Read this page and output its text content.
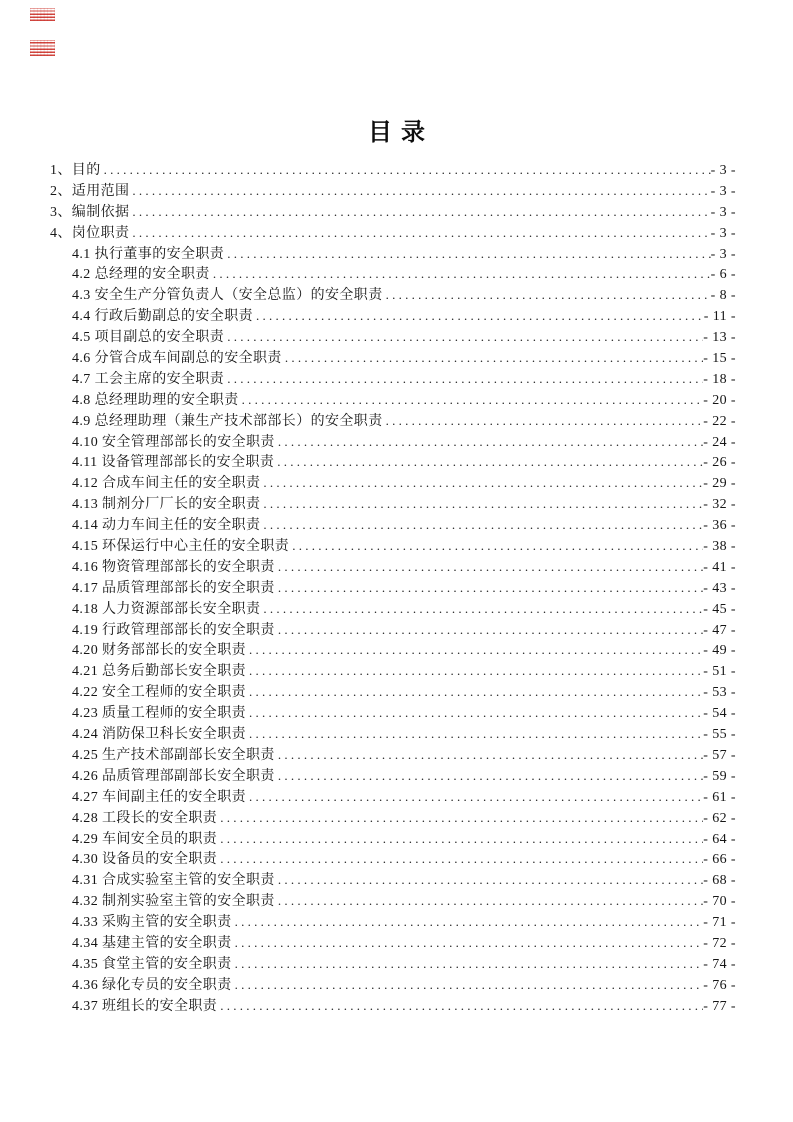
目录
1、目的 . . .	- 3 -
2、适用范围 . . .	- 3 -
3、编制依据 . . .	- 3 -
4、岗位职责 . . .	- 3 -
4.1 执行董事的安全职责 . . .	- 3 -
4.2 总经理的安全职责 . . .	- 6 -
4.3 安全生产分管负责人（安全总监）的安全职责 . . .	- 8 -
4.4 行政后勤副总的安全职责 . . .	- 11 -
4.5 项目副总的安全职责 . . .	- 13 -
4.6 分管合成车间副总的安全职责 . . .	- 15 -
4.7 工会主席的安全职责 . . .	- 18 -
4.8 总经理助理的安全职责 . . .	- 20 -
4.9 总经理助理（兼生产技术部部长）的安全职责 . . .	- 22 -
4.10 安全管理部部长的安全职责 . . .	- 24 -
4.11 设备管理部部长的安全职责 . . .	- 26 -
4.12 合成车间主任的安全职责 . . .	- 29 -
4.13 制剂分厂厂长的安全职责 . . .	- 32 -
4.14 动力车间主任的安全职责 . . .	- 36 -
4.15 环保运行中心主任的安全职责 . . .	- 38 -
4.16 物资管理部部长的安全职责 . . .	- 41 -
4.17 品质管理部部长的安全职责 . . .	- 43 -
4.18 人力资源部部长安全职责 . . .	- 45 -
4.19 行政管理部部长的安全职责 . . .	- 47 -
4.20 财务部部长的安全职责 . . .	- 49 -
4.21 总务后勤部长安全职责 . . .	- 51 -
4.22 安全工程师的安全职责 . . .	- 53 -
4.23 质量工程师的安全职责 . . .	- 54 -
4.24 消防保卫科长安全职责 . . .	- 55 -
4.25 生产技术部副部长安全职责 . . .	- 57 -
4.26 品质管理部副部长安全职责 . . .	- 59 -
4.27 车间副主任的安全职责 . . .	- 61 -
4.28 工段长的安全职责 . . .	- 62 -
4.29 车间安全员的职责 . . .	- 64 -
4.30 设备员的安全职责 . . .	- 66 -
4.31 合成实验室主管的安全职责 . . .	- 68 -
4.32 制剂实验室主管的安全职责 . . .	- 70 -
4.33 采购主管的安全职责 . . .	- 71 -
4.34 基建主管的安全职责 . . .	- 72 -
4.35 食堂主管的安全职责 . . .	- 74 -
4.36 绿化专员的安全职责 . . .	- 76 -
4.37 班组长的安全职责 . . .	- 77 -
